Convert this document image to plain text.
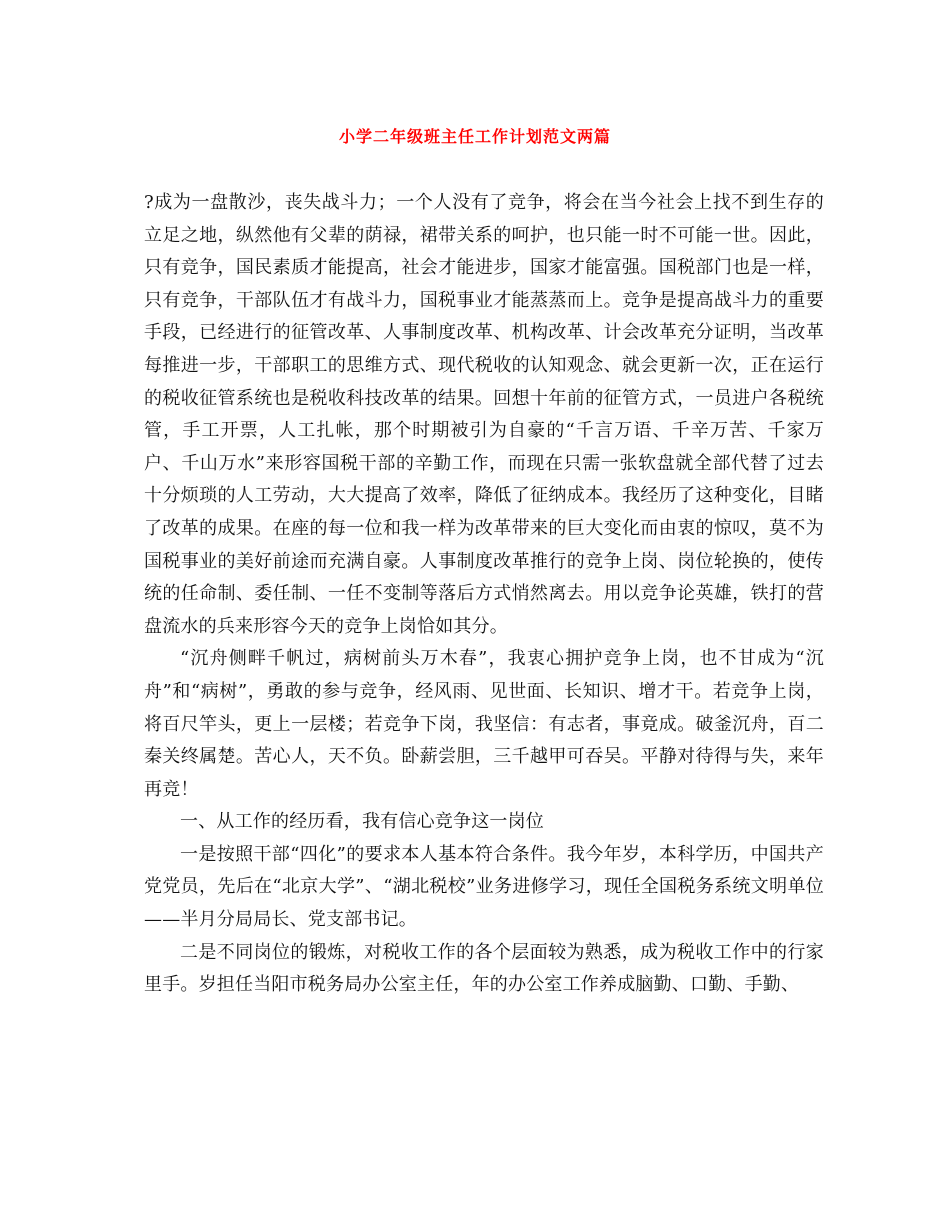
小学二年级班主任工作计划范文两篇

?成为一盘散沙，丧失战斗力；一个人没有了竞争，将会在当今社会上找不到生存的立足之地，纵然他有父辈的荫禄，裙带关系的呵护，也只能一时不可能一世。因此，只有竞争，国民素质才能提高，社会才能进步，国家才能富强。国税部门也是一样，只有竞争，干部队伍才有战斗力，国税事业才能蒸蒸而上。竞争是提高战斗力的重要手段，已经进行的征管改革、人事制度改革、机构改革、计会改革充分证明，当改革每推进一步，干部职工的思维方式、现代税收的认知观念、就会更新一次，正在运行的税收征管系统也是税收科技改革的结果。回想十年前的征管方式，一员进户各税统管，手工开票，人工扎帐，那个时期被引为自豪的“千言万语、千辛万苦、千家万户、千山万水”来形容国税干部的辛勤工作，而现在只需一张软盘就全部代替了过去十分烦琐的人工劳动，大大提高了效率，降低了征纳成本。我经历了这种变化，目睹了改革的成果。在座的每一位和我一样为改革带来的巨大变化而由衷的惊叹，莫不为国税事业的美好前途而充满自豪。人事制度改革推行的竞争上岗、岗位轮换的，使传统的任命制、委任制、一任不变制等落后方式悄然离去。用以竞争论英雄，铁打的营盘流水的兵来形容今天的竞争上岗恰如其分。

“沉舟侧畔千帆过，病树前头万木春”，我衷心拥护竞争上岗，也不甘成为“沉舟”和“病树”，勇敢的参与竞争，经风雨、见世面、长知识、增才干。若竞争上岗，将百尺竿头，更上一层楼；若竞争下岗，我坚信：有志者，事竟成。破釜沉舟，百二秦关终属楚。苦心人，天不负。卧薪尝胆，三千越甲可吞吴。平静对待得与失，来年再竞！

一、从工作的经历看，我有信心竞争这一岗位

一是按照干部“四化”的要求本人基本符合条件。我今年岁，本科学历，中国共产党党员，先后在“北京大学”、“湖北税校”业务进修学习，现任全国税务系统文明单位——半月分局局长、党支部书记。

二是不同岗位的锻炼，对税收工作的各个层面较为熟悉，成为税收工作中的行家里手。岁担任当阳市税务局办公室主任，年的办公室工作养成脑勤、口勤、手勤、
